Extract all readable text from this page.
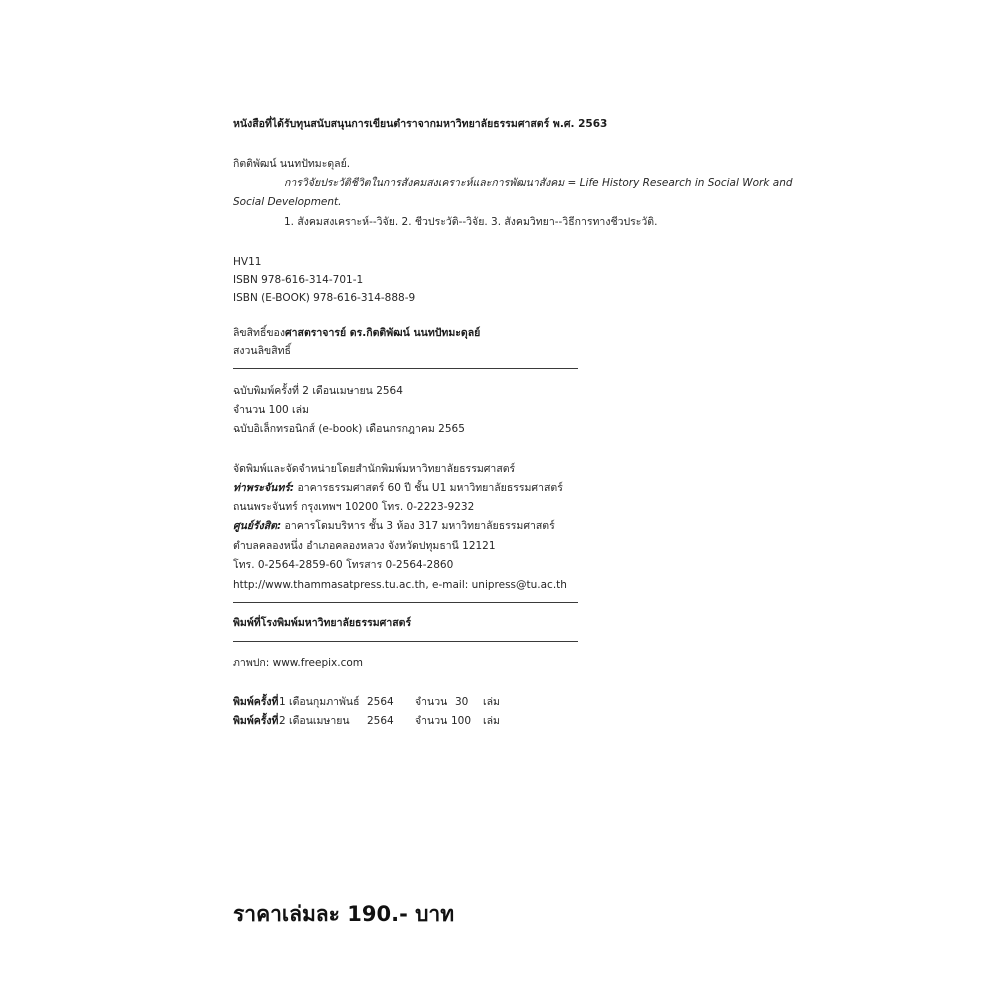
หนังสือที่ได้รับทุนสนับสนุนการเขียนตำราจากมหาวิทยาลัยธรรมศาสตร์ พ.ศ. 2563
กิตติพัฒน์ นนทปัทมะดุลย์.
การวิจัยประวัติชีวิตในการสังคมสงเคราะห์และการพัฒนาสังคม = Life History Research in Social Work and
Social Development.
1. สังคมสงเคราะห์--วิจัย. 2. ชีวประวัติ--วิจัย. 3. สังคมวิทยา--วิธีการทางชีวประวัติ.
HV11
ISBN 978-616-314-701-1
ISBN (E-BOOK) 978-616-314-888-9
ลิขสิทธิ์ของศาสตราจารย์ ดร.กิตติพัฒน์ นนทปัทมะดุลย์
สงวนลิขสิทธิ์
ฉบับพิมพ์ครั้งที่ 2 เดือนเมษายน 2564
จำนวน 100 เล่ม
ฉบับอิเล็กทรอนิกส์ (e-book) เดือนกรกฎาคม 2565
จัดพิมพ์และจัดจำหน่ายโดยสำนักพิมพ์มหาวิทยาลัยธรรมศาสตร์
ท่าพระจันทร์: อาคารธรรมศาสตร์ 60 ปี ชั้น U1 มหาวิทยาลัยธรรมศาสตร์
ถนนพระจันทร์ กรุงเทพฯ 10200 โทร. 0-2223-9232
ศูนย์รังสิต: อาคารโดมบริหาร ชั้น 3 ห้อง 317 มหาวิทยาลัยธรรมศาสตร์
ตำบลคลองหนึ่ง อำเภอคลองหลวง จังหวัดปทุมธานี 12121
โทร. 0-2564-2859-60 โทรสาร 0-2564-2860
http://www.thammasatpress.tu.ac.th, e-mail: unipress@tu.ac.th
พิมพ์ที่โรงพิมพ์มหาวิทยาลัยธรรมศาสตร์
ภาพปก: www.freepix.com
พิมพ์ครั้งที่ 1 เดือนกุมภาพันธ์ 2564 จำนวน 30 เล่ม
พิมพ์ครั้งที่ 2 เดือนเมษายน 2564 จำนวน 100 เล่ม
ราคาเล่มละ 190.- บาท
